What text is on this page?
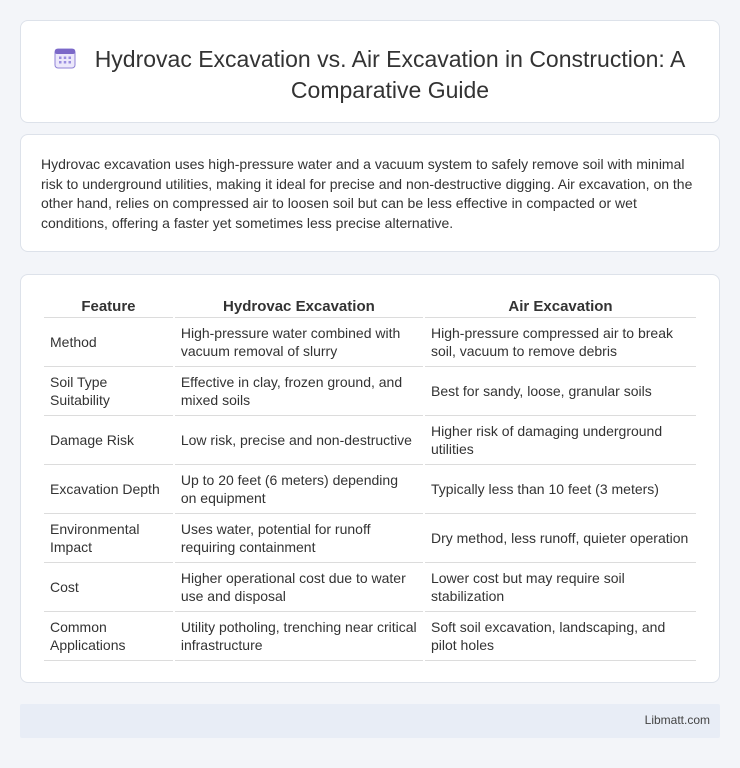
Hydrovac Excavation vs. Air Excavation in Construction: A Comparative Guide

Hydrovac excavation uses high-pressure water and a vacuum system to safely remove soil with minimal risk to underground utilities, making it ideal for precise and non-destructive digging. Air excavation, on the other hand, relies on compressed air to loosen soil but can be less effective in compacted or wet conditions, offering a faster yet sometimes less precise alternative.

Feature	Hydrovac Excavation	Air Excavation
Method	High-pressure water combined with vacuum removal of slurry	High-pressure compressed air to break soil, vacuum to remove debris
Soil Type Suitability	Effective in clay, frozen ground, and mixed soils	Best for sandy, loose, granular soils
Damage Risk	Low risk, precise and non-destructive	Higher risk of damaging underground utilities
Excavation Depth	Up to 20 feet (6 meters) depending on equipment	Typically less than 10 feet (3 meters)
Environmental Impact	Uses water, potential for runoff requiring containment	Dry method, less runoff, quieter operation
Cost	Higher operational cost due to water use and disposal	Lower cost but may require soil stabilization
Common Applications	Utility potholing, trenching near critical infrastructure	Soft soil excavation, landscaping, and pilot holes
Libmatt.com
